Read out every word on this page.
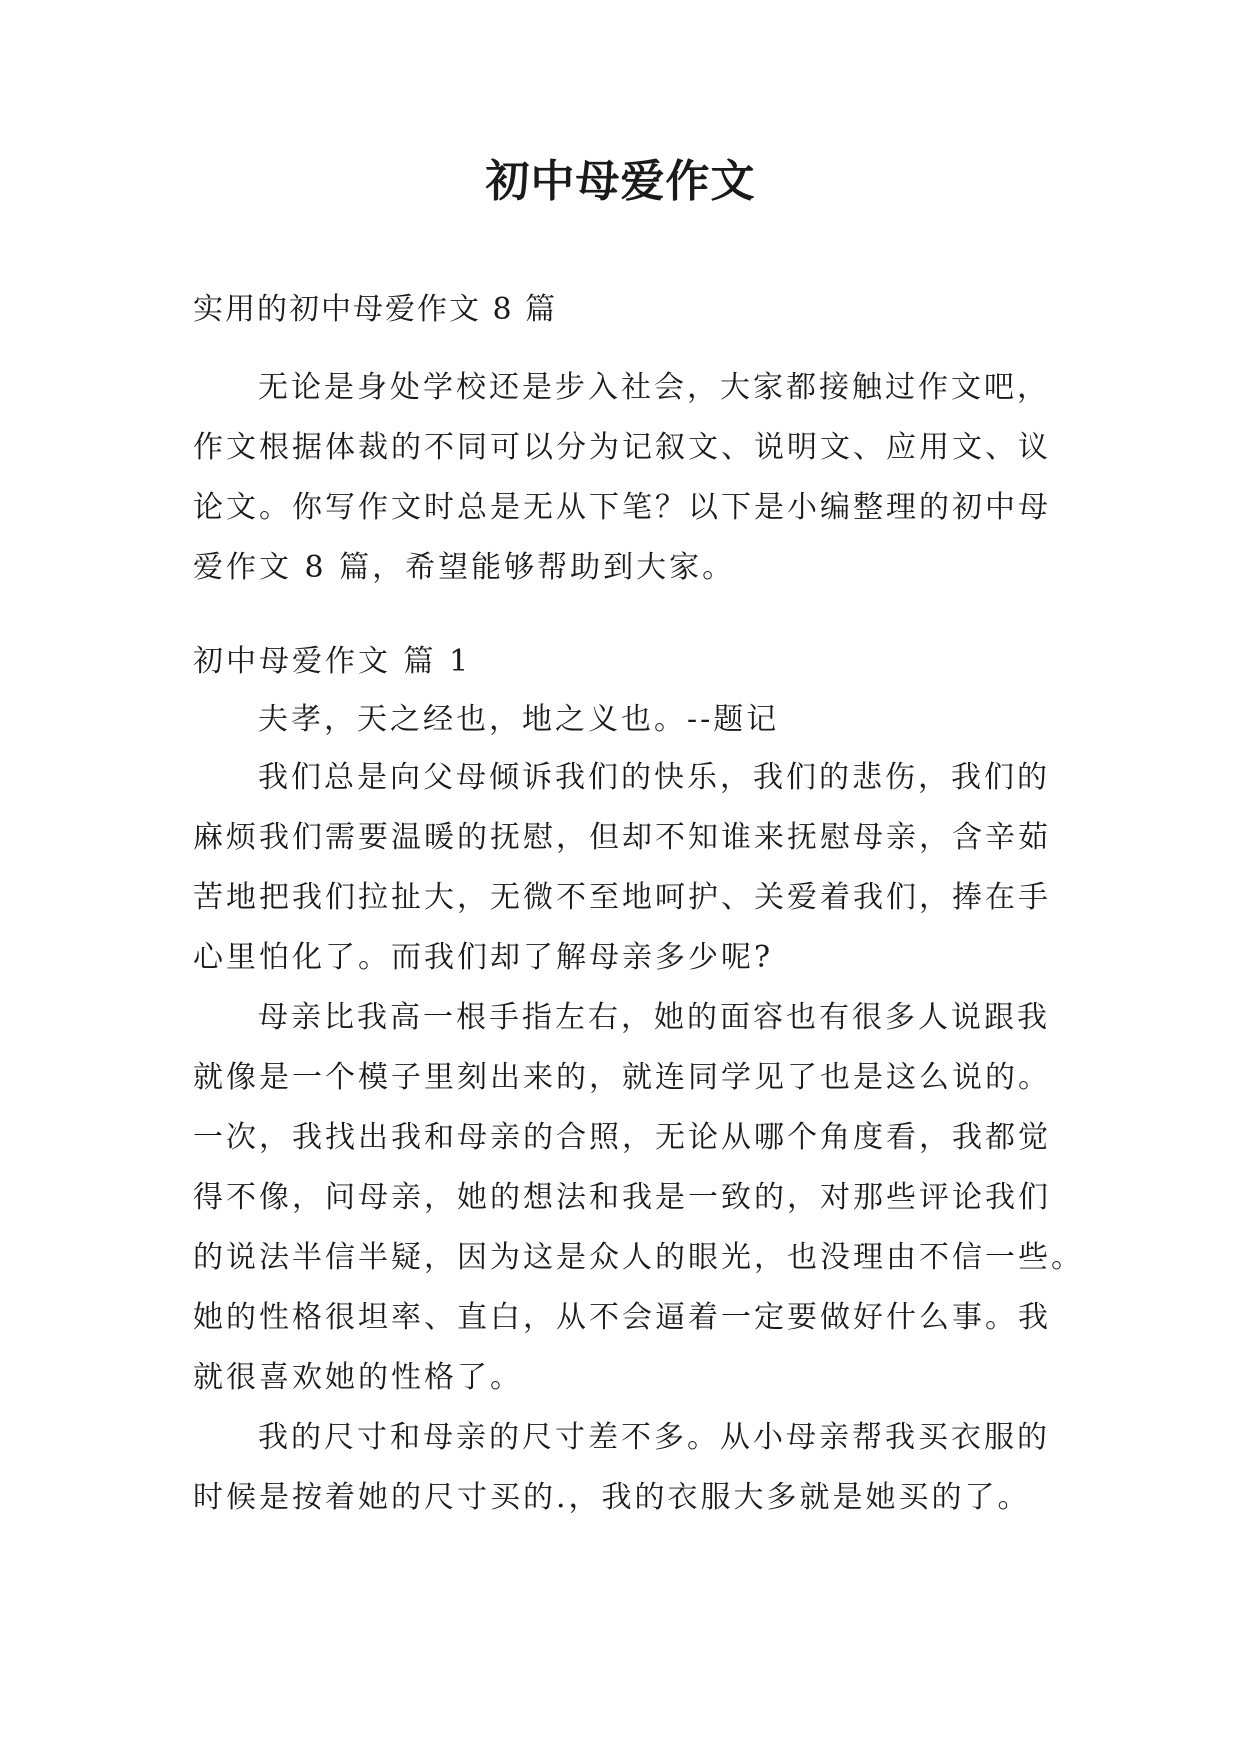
初中母爱作文
实用的初中母爱作文 8 篇
无论是身处学校还是步入社会，大家都接触过作文吧，
作文根据体裁的不同可以分为记叙文、说明文、应用文、议
论文。你写作文时总是无从下笔？以下是小编整理的初中母
爱作文 8 篇，希望能够帮助到大家。
初中母爱作文 篇 1
夫孝，天之经也，地之义也。--题记
我们总是向父母倾诉我们的快乐，我们的悲伤，我们的
麻烦我们需要温暖的抚慰，但却不知谁来抚慰母亲，含辛茹
苦地把我们拉扯大，无微不至地呵护、关爱着我们，捧在手
心里怕化了。而我们却了解母亲多少呢?
母亲比我高一根手指左右，她的面容也有很多人说跟我
就像是一个模子里刻出来的，就连同学见了也是这么说的。
一次，我找出我和母亲的合照，无论从哪个角度看，我都觉
得不像，问母亲，她的想法和我是一致的，对那些评论我们
的说法半信半疑，因为这是众人的眼光，也没理由不信一些。
她的性格很坦率、直白，从不会逼着一定要做好什么事。我
就很喜欢她的性格了。
我的尺寸和母亲的尺寸差不多。从小母亲帮我买衣服的
时候是按着她的尺寸买的.，我的衣服大多就是她买的了。
